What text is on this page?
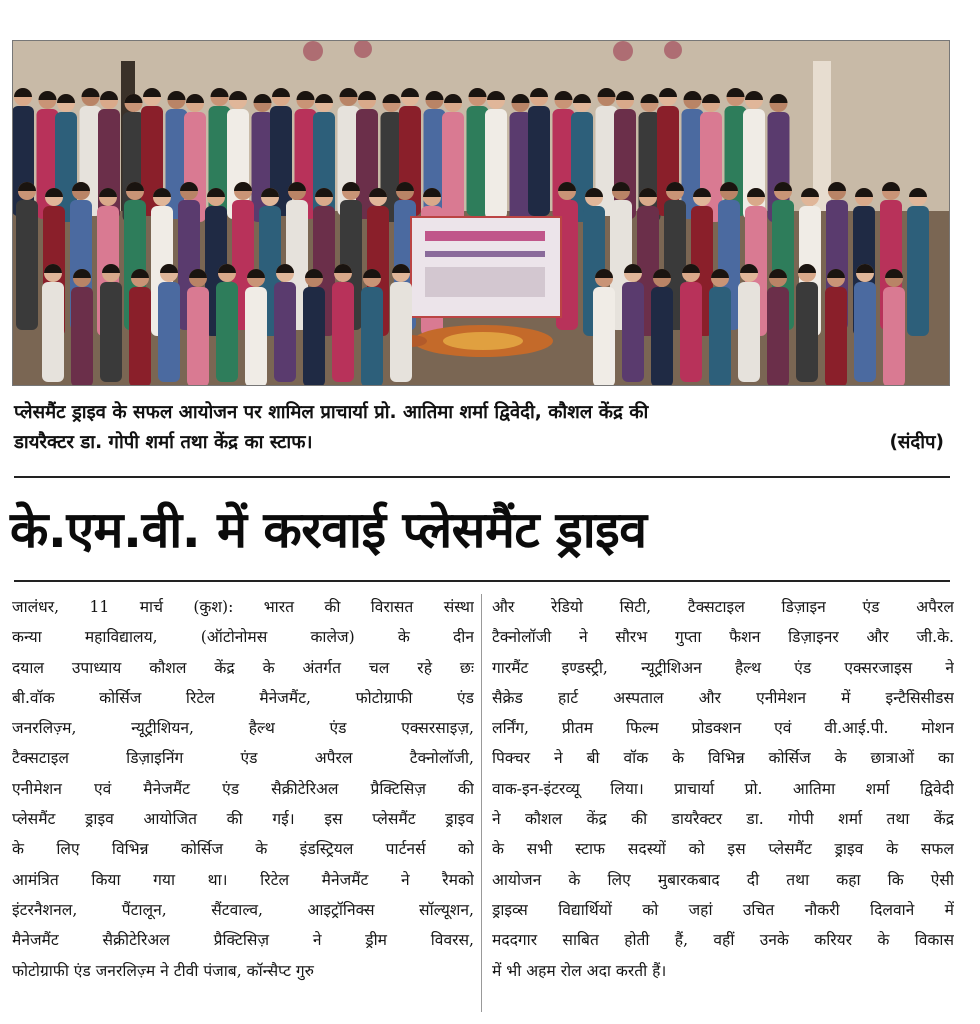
प्लेसमैंट ड्राइव के सफल आयोजन पर शामिल प्राचार्या प्रो. आतिमा शर्मा द्विवेदी, कौशल केंद्र की
डायरैक्टर डा. गोपी शर्मा तथा केंद्र का स्टाफ।	(संदीप)
के.एम.वी. में करवाई प्लेसमैंट ड्राइव
जालंधर, 11 मार्च (कुश): भारत की विरासत संस्था
कन्या महाविद्यालय, (ऑटोनोमस कालेज) के दीन
दयाल उपाध्याय कौशल केंद्र के अंतर्गत चल रहे छः
बी.वॉक कोर्सिज रिटेल मैनेजमैंट, फोटोग्राफी एंड
जनरलिज़्म, न्यूट्रीशियन, हैल्थ एंड एक्सरसाइज़,
टैक्सटाइल डिज़ाइनिंग एंड अपैरल टैक्नोलॉजी,
एनीमेशन एवं मैनेजमैंट एंड सैक्रीटेरिअल प्रैक्टिसिज़ की
प्लेसमैंट ड्राइव आयोजित की गई। इस प्लेसमैंट ड्राइव
के लिए विभिन्न कोर्सिज के इंडस्ट्रियल पार्टनर्स को
आमंत्रित किया गया था। रिटेल मैनेजमैंट ने रैमको
इंटरनैशनल, पैंटालून, सैंटवाल्व, आइट्रॉनिक्स सॉल्यूशन,
मैनेजमैंट सैक्रीटेरिअल प्रैक्टिसिज़ ने ड्रीम विवरस,
फोटोग्राफी एंड जनरलिज़्म ने टीवी पंजाब, कॉन्सैप्ट गुरु
और रेडियो सिटी, टैक्सटाइल डिज़ाइन एंड अपैरल
टैक्नोलॉजी ने सौरभ गुप्ता फैशन डिज़ाइनर और जी.के.
गारमैंट इण्डस्ट्री, न्यूट्रीशिअन हैल्थ एंड एक्सरजाइस ने
सैक्रेड हार्ट अस्पताल और एनीमेशन में इन्टैसिसीडस
लर्निंग, प्रीतम फिल्म प्रोडक्शन एवं वी.आई.पी. मोशन
पिक्चर ने बी वॉक के विभिन्न कोर्सिज के छात्राओं का
वाक-इन-इंटरव्यू लिया। प्राचार्या प्रो. आतिमा शर्मा द्विवेदी
ने कौशल केंद्र की डायरैक्टर डा. गोपी शर्मा तथा केंद्र
के सभी स्टाफ सदस्यों को इस प्लेसमैंट ड्राइव के सफल
आयोजन के लिए मुबारकबाद दी तथा कहा कि ऐसी
ड्राइव्स विद्यार्थियों को जहां उचित नौकरी दिलवाने में
मददगार साबित होती हैं, वहीं उनके करियर के विकास
में भी अहम रोल अदा करती हैं।
